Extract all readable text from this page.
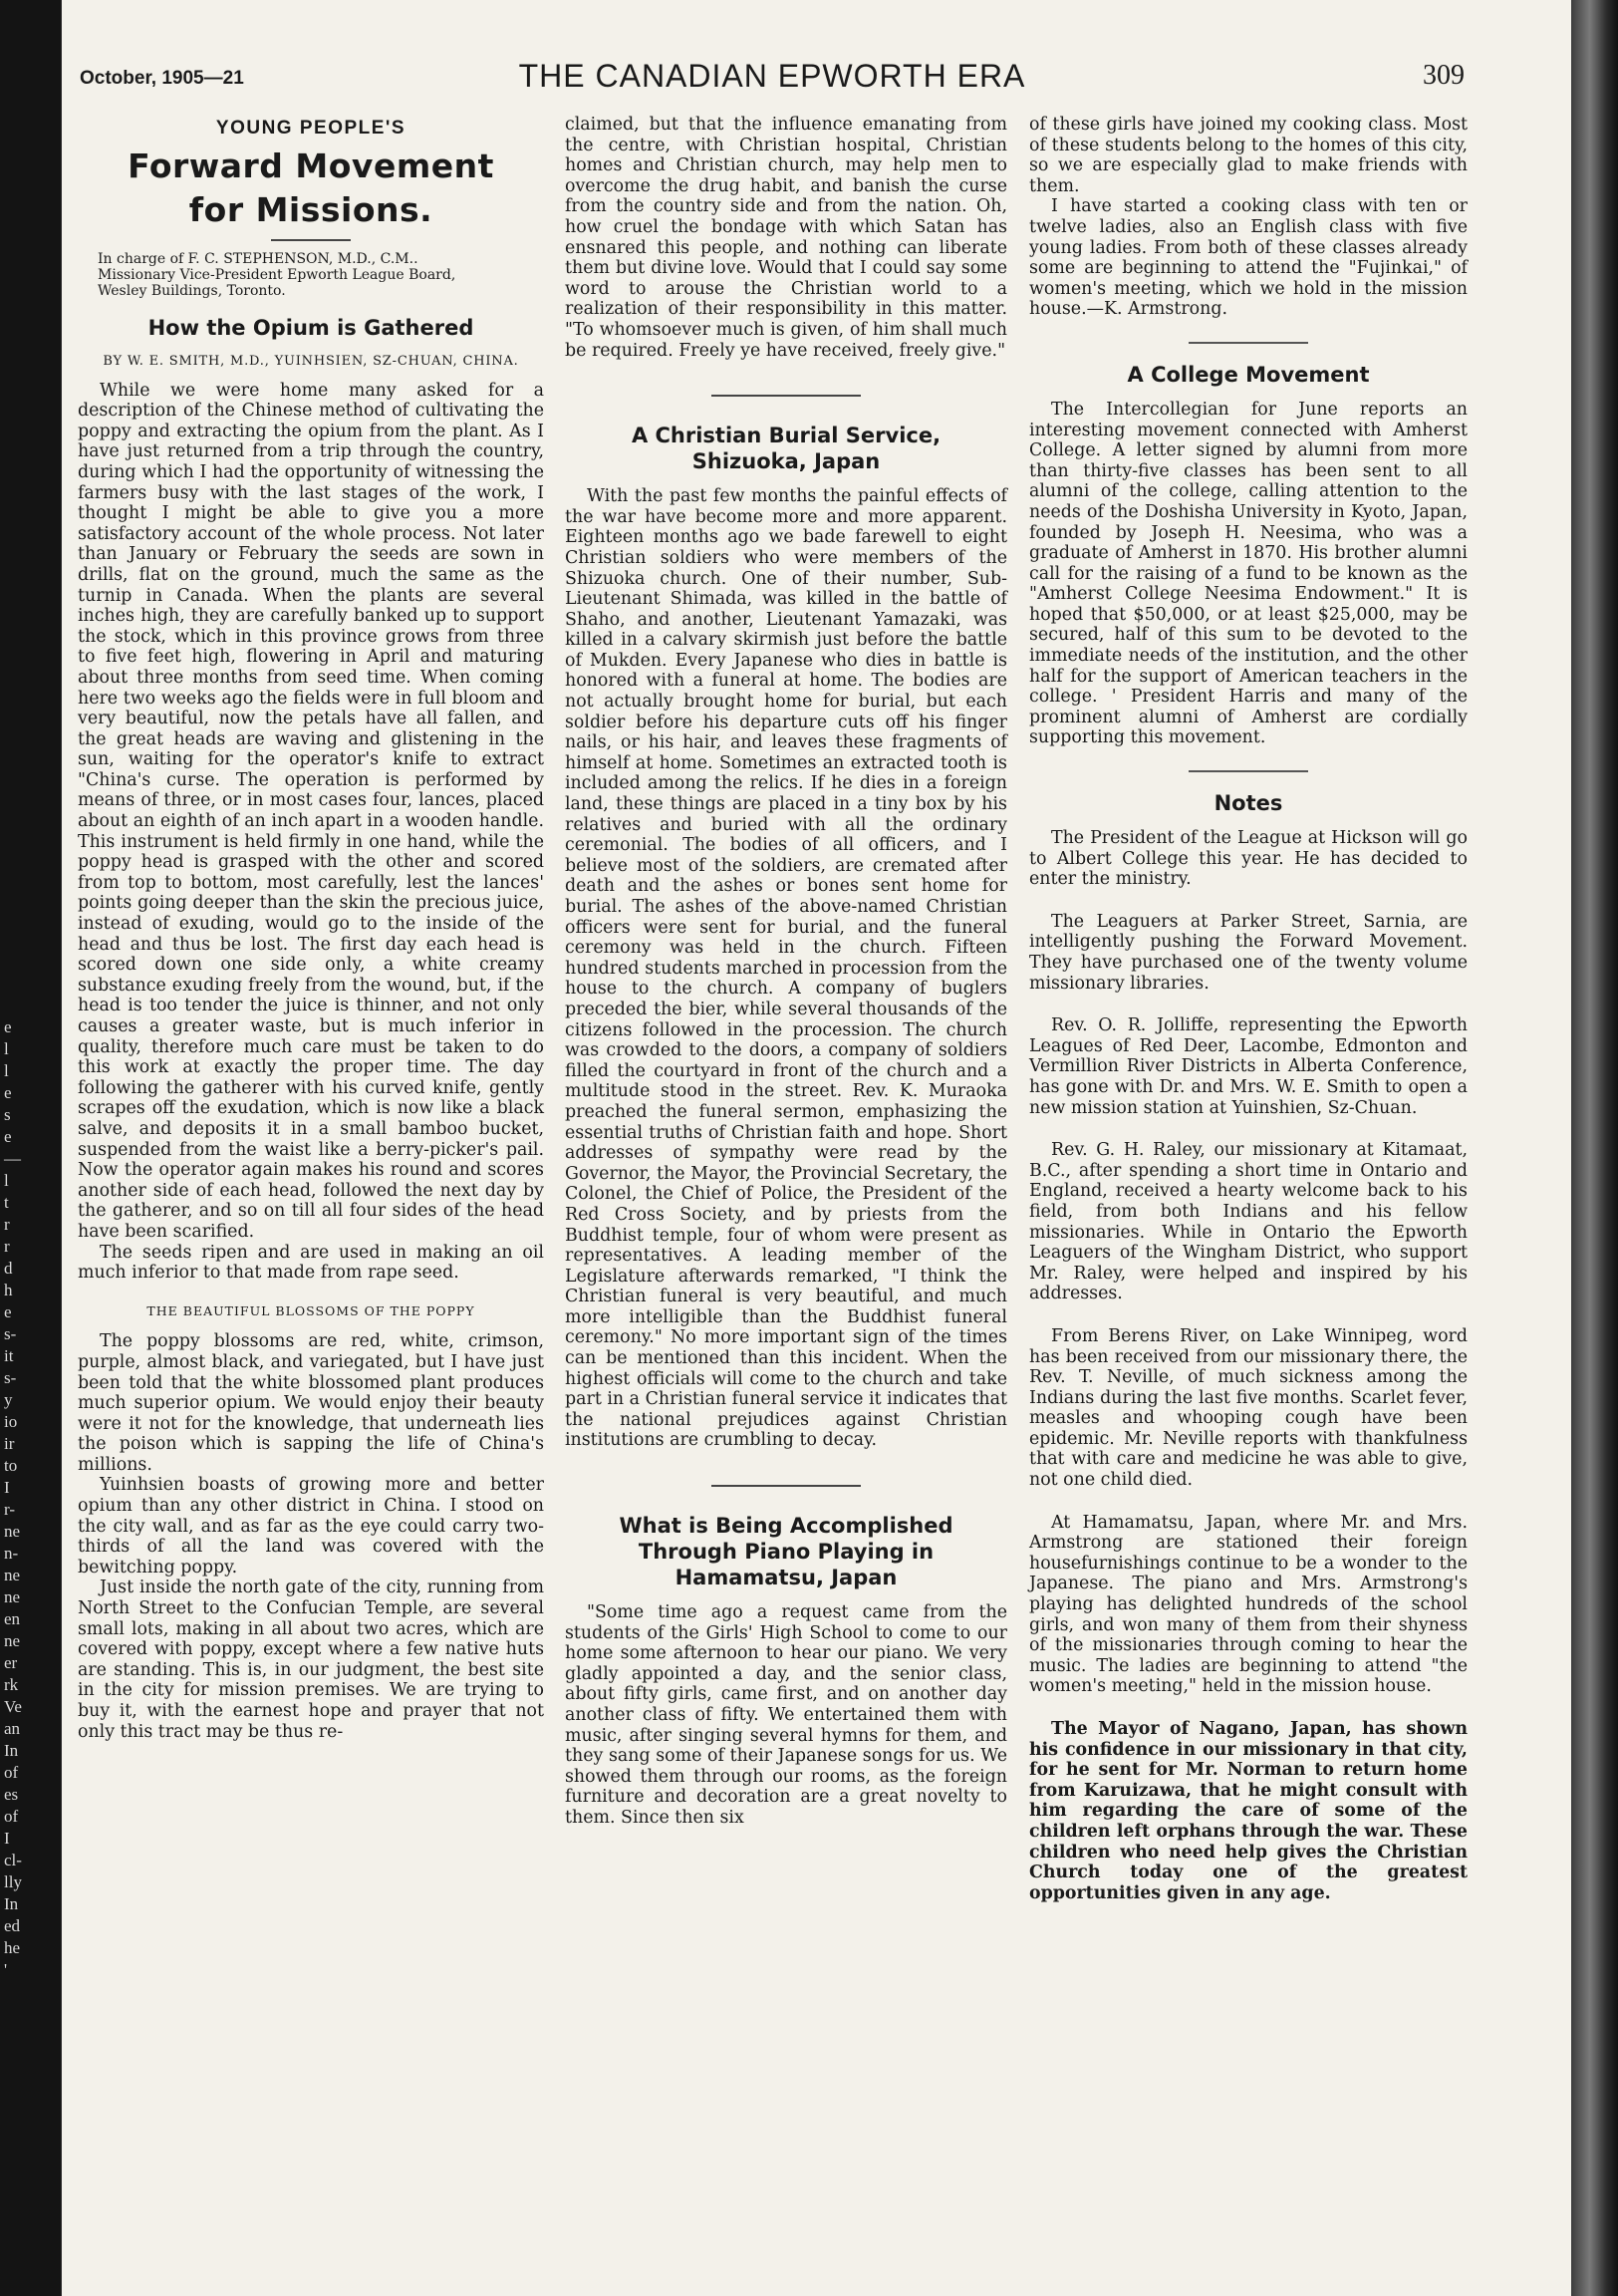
e
l
l
e
s
e
—
l
t
r
r
d
h
e
s-
it
s-
y
io
ir
to
I
r-
ne
n-
ne
ne
en
ne
er
rk
Ve
an
In
of
es
of
I
cl-
lly
In
ed
he
'
October, 1905—21	THE CANADIAN EPWORTH ERA	309
YOUNG PEOPLE'S
Forward Movement
for Missions.
In charge of F. C. STEPHENSON, M.D., C.M..
Missionary Vice-President Epworth League Board,
Wesley Buildings, Toronto.
How the Opium is Gathered
BY W. E. SMITH, M.D., YUINHSIEN, SZ-CHUAN, CHINA.

While we were home many asked for a description of the Chinese method of cultivating the poppy and extracting the opium from the plant. As I have just returned from a trip through the country, during which I had the opportunity of witnessing the farmers busy with the last stages of the work, I thought I might be able to give you a more satisfactory account of the whole process. Not later than January or February the seeds are sown in drills, flat on the ground, much the same as the turnip in Canada. When the plants are several inches high, they are carefully banked up to support the stock, which in this province grows from three to five feet high, flowering in April and maturing about three months from seed time. When coming here two weeks ago the fields were in full bloom and very beautiful, now the petals have all fallen, and the great heads are waving and glistening in the sun, waiting for the operator's knife to extract "China's curse. The operation is performed by means of three, or in most cases four, lances, placed about an eighth of an inch apart in a wooden handle. This instrument is held firmly in one hand, while the poppy head is grasped with the other and scored from top to bottom, most carefully, lest the lances' points going deeper than the skin the precious juice, instead of exuding, would go to the inside of the head and thus be lost. The first day each head is scored down one side only, a white creamy substance exuding freely from the wound, but, if the head is too tender the juice is thinner, and not only causes a greater waste, but is much inferior in quality, therefore much care must be taken to do this work at exactly the proper time. The day following the gatherer with his curved knife, gently scrapes off the exudation, which is now like a black salve, and deposits it in a small bamboo bucket, suspended from the waist like a berry-picker's pail. Now the operator again makes his round and scores another side of each head, followed the next day by the gatherer, and so on till all four sides of the head have been scarified.

The seeds ripen and are used in making an oil much inferior to that made from rape seed.

THE BEAUTIFUL BLOSSOMS OF THE POPPY

The poppy blossoms are red, white, crimson, purple, almost black, and variegated, but I have just been told that the white blossomed plant produces much superior opium. We would enjoy their beauty were it not for the knowledge, that underneath lies the poison which is sapping the life of China's millions.

Yuinhsien boasts of growing more and better opium than any other district in China. I stood on the city wall, and as far as the eye could carry two-thirds of all the land was covered with the bewitching poppy.

Just inside the north gate of the city, running from North Street to the Confucian Temple, are several small lots, making in all about two acres, which are covered with poppy, except where a few native huts are standing. This is, in our judgment, the best site in the city for mission premises. We are trying to buy it, with the earnest hope and prayer that not only this tract may be thus re-

claimed, but that the influence emanating from the centre, with Christian hospital, Christian homes and Christian church, may help men to overcome the drug habit, and banish the curse from the country side and from the nation. Oh, how cruel the bondage with which Satan has ensnared this people, and nothing can liberate them but divine love. Would that I could say some word to arouse the Christian world to a realization of their responsibility in this matter. "To whomsoever much is given, of him shall much be required. Freely ye have received, freely give."

A Christian Burial Service,
Shizuoka, Japan

With the past few months the painful effects of the war have become more and more apparent. Eighteen months ago we bade farewell to eight Christian soldiers who were members of the Shizuoka church. One of their number, Sub-Lieutenant Shimada, was killed in the battle of Shaho, and another, Lieutenant Yamazaki, was killed in a calvary skirmish just before the battle of Mukden. Every Japanese who dies in battle is honored with a funeral at home. The bodies are not actually brought home for burial, but each soldier before his departure cuts off his finger nails, or his hair, and leaves these fragments of himself at home. Sometimes an extracted tooth is included among the relics. If he dies in a foreign land, these things are placed in a tiny box by his relatives and buried with all the ordinary ceremonial. The bodies of all officers, and I believe most of the soldiers, are cremated after death and the ashes or bones sent home for burial. The ashes of the above-named Christian officers were sent for burial, and the funeral ceremony was held in the church. Fifteen hundred students marched in procession from the house to the church. A company of buglers preceded the bier, while several thousands of the citizens followed in the procession. The church was crowded to the doors, a company of soldiers filled the courtyard in front of the church and a multitude stood in the street. Rev. K. Muraoka preached the funeral sermon, emphasizing the essential truths of Christian faith and hope. Short addresses of sympathy were read by the Governor, the Mayor, the Provincial Secretary, the Colonel, the Chief of Police, the President of the Red Cross Society, and by priests from the Buddhist temple, four of whom were present as representatives. A leading member of the Legislature afterwards remarked, "I think the Christian funeral is very beautiful, and much more intelligible than the Buddhist funeral ceremony." No more important sign of the times can be mentioned than this incident. When the highest officials will come to the church and take part in a Christian funeral service it indicates that the national prejudices against Christian institutions are crumbling to decay.

What is Being Accomplished
Through Piano Playing in
Hamamatsu, Japan

"Some time ago a request came from the students of the Girls' High School to come to our home some afternoon to hear our piano. We very gladly appointed a day, and the senior class, about fifty girls, came first, and on another day another class of fifty. We entertained them with music, after singing several hymns for them, and they sang some of their Japanese songs for us. We showed them through our rooms, as the foreign furniture and decoration are a great novelty to them. Since then six

of these girls have joined my cooking class. Most of these students belong to the homes of this city, so we are especially glad to make friends with them.

I have started a cooking class with ten or twelve ladies, also an English class with five young ladies. From both of these classes already some are beginning to attend the "Fujinkai," of women's meeting, which we hold in the mission house.—K. Armstrong.

A College Movement

The Intercollegian for June reports an interesting movement connected with Amherst College. A letter signed by alumni from more than thirty-five classes has been sent to all alumni of the college, calling attention to the needs of the Doshisha University in Kyoto, Japan, founded by Joseph H. Neesima, who was a graduate of Amherst in 1870. His brother alumni call for the raising of a fund to be known as the "Amherst College Neesima Endowment." It is hoped that $50,000, or at least $25,000, may be secured, half of this sum to be devoted to the immediate needs of the institution, and the other half for the support of American teachers in the college. ' President Harris and many of the prominent alumni of Amherst are cordially supporting this movement.

Notes

The President of the League at Hickson will go to Albert College this year. He has decided to enter the ministry.

The Leaguers at Parker Street, Sarnia, are intelligently pushing the Forward Movement. They have purchased one of the twenty volume missionary libraries.

Rev. O. R. Jolliffe, representing the Epworth Leagues of Red Deer, Lacombe, Edmonton and Vermillion River Districts in Alberta Conference, has gone with Dr. and Mrs. W. E. Smith to open a new mission station at Yuinshien, Sz-Chuan.

Rev. G. H. Raley, our missionary at Kitamaat, B.C., after spending a short time in Ontario and England, received a hearty welcome back to his field, from both Indians and his fellow missionaries. While in Ontario the Epworth Leaguers of the Wingham District, who support Mr. Raley, were helped and inspired by his addresses.

From Berens River, on Lake Winnipeg, word has been received from our missionary there, the Rev. T. Neville, of much sickness among the Indians during the last five months. Scarlet fever, measles and whooping cough have been epidemic. Mr. Neville reports with thankfulness that with care and medicine he was able to give, not one child died.

At Hamamatsu, Japan, where Mr. and Mrs. Armstrong are stationed their foreign housefurnishings continue to be a wonder to the Japanese. The piano and Mrs. Armstrong's playing has delighted hundreds of the school girls, and won many of them from their shyness of the missionaries through coming to hear the music. The ladies are beginning to attend "the women's meeting," held in the mission house.

The Mayor of Nagano, Japan, has shown his confidence in our missionary in that city, for he sent for Mr. Norman to return home from Karuizawa, that he might consult with him regarding the care of some of the children left orphans through the war. These children who need help gives the Christian Church today one of the greatest opportunities given in any age.
